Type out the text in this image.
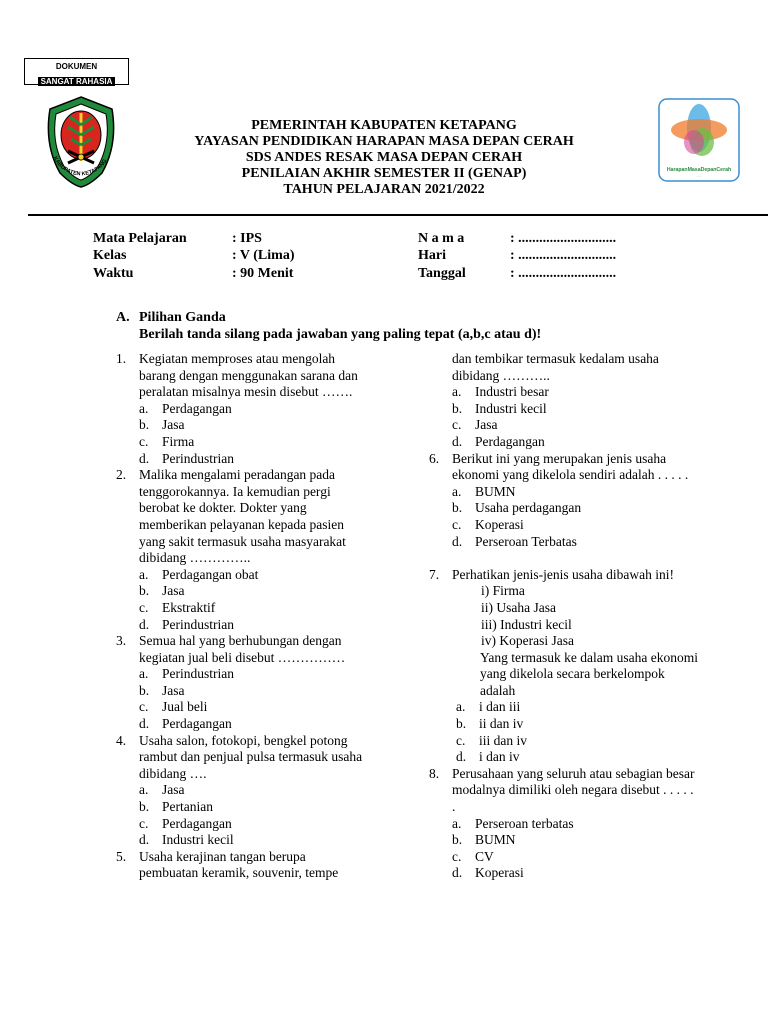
DOKUMEN
SANGAT RAHASIA
KABUPATEN KETAPANG
HarapanMasaDepanCerah
·····
PEMERINTAH KABUPATEN KETAPANG
YAYASAN PENDIDIKAN HARAPAN MASA DEPAN CERAH
SDS ANDES RESAK MASA DEPAN CERAH
PENILAIAN AKHIR SEMESTER II (GENAP)
TAHUN PELAJARAN 2021/2022
Mata Pelajaran	: IPS
Kelas	: V (Lima)
Waktu	: 90 Menit
N a m a	: ............................
Hari	: ............................
Tanggal	: ............................
A. Pilihan Ganda
Berilah tanda silang pada jawaban yang paling tepat (a,b,c atau d)!
1. Kegiatan memproses atau mengolah barang dengan menggunakan sarana dan peralatan misalnya mesin disebut …….
a. Perdagangan
b. Jasa
c. Firma
d. Perindustrian
2. Malika mengalami peradangan pada tenggorokannya. Ia kemudian pergi berobat ke dokter. Dokter yang memberikan pelayanan kepada pasien yang sakit termasuk usaha masyarakat dibidang …………..
a. Perdagangan obat
b. Jasa
c. Ekstraktif
d. Perindustrian
3. Semua hal yang berhubungan dengan kegiatan jual beli disebut ……………
a. Perindustrian
b. Jasa
c. Jual beli
d. Perdagangan
4. Usaha salon, fotokopi, bengkel potong rambut dan penjual pulsa termasuk usaha dibidang ….
a. Jasa
b. Pertanian
c. Perdagangan
d. Industri kecil
5. Usaha kerajinan tangan berupa pembuatan keramik, souvenir, tempe
dan tembikar termasuk kedalam usaha dibidang ………..
a. Industri besar
b. Industri kecil
c. Jasa
d. Perdagangan
6. Berikut ini yang merupakan jenis usaha ekonomi yang dikelola sendiri adalah . . . . .
a. BUMN
b. Usaha perdagangan
c. Koperasi
d. Perseroan Terbatas
7. Perhatikan jenis-jenis usaha dibawah ini!
i) Firma
ii) Usaha Jasa
iii) Industri kecil
iv) Koperasi Jasa
Yang termasuk ke dalam usaha ekonomi yang dikelola secara berkelompok adalah
a. i dan iii
b. ii dan iv
c. iii dan iv
d. i dan iv
8. Perusahaan yang seluruh atau sebagian besar modalnya dimiliki oleh negara disebut . . . . . .
a. Perseroan terbatas
b. BUMN
c. CV
d. Koperasi
